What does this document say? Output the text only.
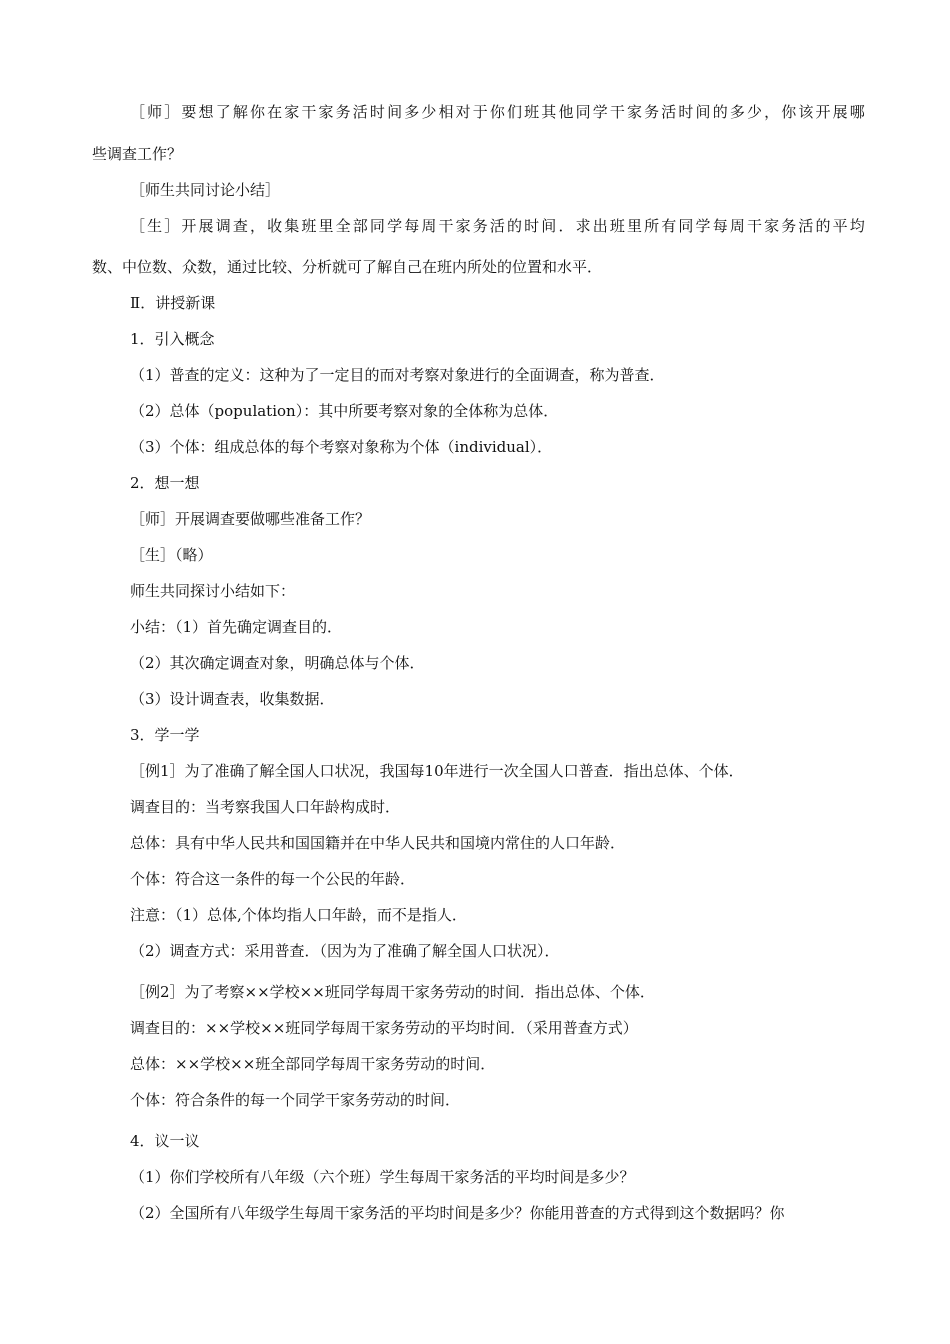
［师］要想了解你在家干家务活时间多少相对于你们班其他同学干家务活时间的多少，你该开展哪

些调查工作？

［师生共同讨论小结］

［生］开展调查，收集班里全部同学每周干家务活的时间．求出班里所有同学每周干家务活的平均

数、中位数、众数，通过比较、分析就可了解自己在班内所处的位置和水平．

Ⅱ．讲授新课

1．引入概念

（1）普查的定义：这种为了一定目的而对考察对象进行的全面调查，称为普查．

（2）总体（population）：其中所要考察对象的全体称为总体．

（3）个体：组成总体的每个考察对象称为个体（individual）．

2．想一想

［师］开展调查要做哪些准备工作？

［生］（略）

师生共同探讨小结如下：

小结：（1）首先确定调查目的．

（2）其次确定调查对象，明确总体与个体．

（3）设计调查表，收集数据．

3．学一学

［例1］为了准确了解全国人口状况，我国每10年进行一次全国人口普查．指出总体、个体．

调查目的：当考察我国人口年龄构成时．

总体：具有中华人民共和国国籍并在中华人民共和国境内常住的人口年龄．

个体：符合这一条件的每一个公民的年龄．

注意：（1）总体,个体均指人口年龄，而不是指人．

（2）调查方式：采用普查．（因为为了准确了解全国人口状况）．

［例2］为了考察××学校××班同学每周干家务劳动的时间．指出总体、个体．

调查目的：××学校××班同学每周干家务劳动的平均时间．（采用普查方式）

总体：××学校××班全部同学每周干家务劳动的时间．

个体：符合条件的每一个同学干家务劳动的时间．

4．议一议

（1）你们学校所有八年级（六个班）学生每周干家务活的平均时间是多少？

（2）全国所有八年级学生每周干家务活的平均时间是多少？你能用普查的方式得到这个数据吗？你
